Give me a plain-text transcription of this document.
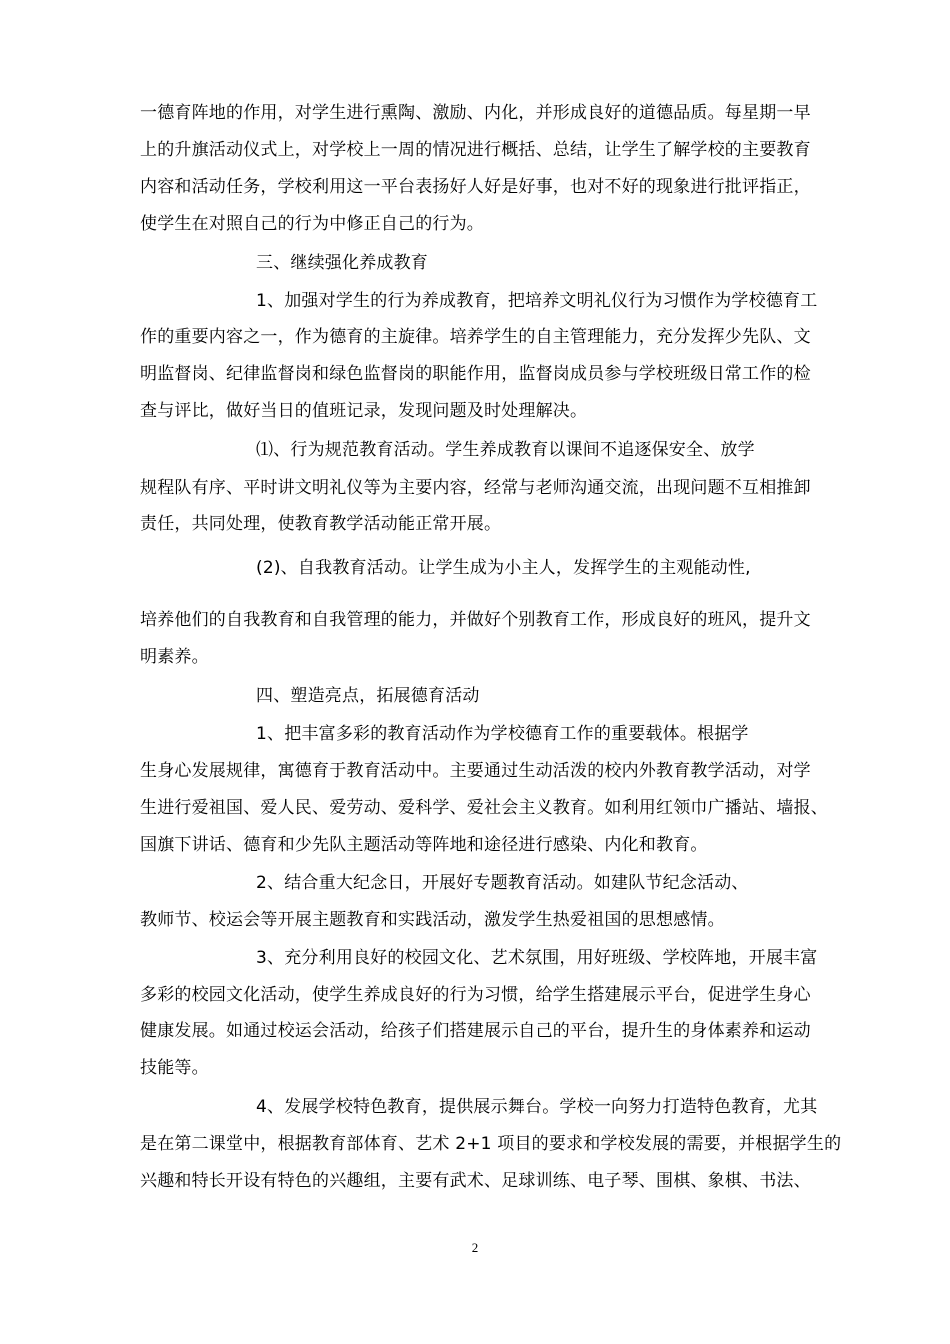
一德育阵地的作用，对学生进行熏陶、激励、内化，并形成良好的道德品质。每星期一早
上的升旗活动仪式上，对学校上一周的情况进行概括、总结，让学生了解学校的主要教育
内容和活动任务，学校利用这一平台表扬好人好是好事，也对不好的现象进行批评指正，
使学生在对照自己的行为中修正自己的行为。
三、继续强化养成教育
1、加强对学生的行为养成教育，把培养文明礼仪行为习惯作为学校德育工
作的重要内容之一，作为德育的主旋律。培养学生的自主管理能力，充分发挥少先队、文
明监督岗、纪律监督岗和绿色监督岗的职能作用，监督岗成员参与学校班级日常工作的检
查与评比，做好当日的值班记录，发现问题及时处理解决。
⑴、行为规范教育活动。学生养成教育以课间不追逐保安全、放学
规程队有序、平时讲文明礼仪等为主要内容，经常与老师沟通交流，出现问题不互相推卸
责任，共同处理，使教育教学活动能正常开展。
(2)、自我教育活动。让学生成为小主人，发挥学生的主观能动性,
培养他们的自我教育和自我管理的能力，并做好个别教育工作，形成良好的班风，提升文
明素养。
四、塑造亮点，拓展德育活动
1、把丰富多彩的教育活动作为学校德育工作的重要载体。根据学
生身心发展规律，寓德育于教育活动中。主要通过生动活泼的校内外教育教学活动，对学
生进行爱祖国、爱人民、爱劳动、爱科学、爱社会主义教育。如利用红领巾广播站、墙报、
国旗下讲话、德育和少先队主题活动等阵地和途径进行感染、内化和教育。
2、结合重大纪念日，开展好专题教育活动。如建队节纪念活动、
教师节、校运会等开展主题教育和实践活动，激发学生热爱祖国的思想感情。
3、充分利用良好的校园文化、艺术氛围，用好班级、学校阵地，开展丰富
多彩的校园文化活动，使学生养成良好的行为习惯，给学生搭建展示平台，促进学生身心
健康发展。如通过校运会活动，给孩子们搭建展示自己的平台，提升生的身体素养和运动
技能等。
4、发展学校特色教育，提供展示舞台。学校一向努力打造特色教育，尤其
是在第二课堂中，根据教育部体育、艺术 2+1 项目的要求和学校发展的需要，并根据学生的
兴趣和特长开设有特色的兴趣组，主要有武术、足球训练、电子琴、围棋、象棋、书法、
2
